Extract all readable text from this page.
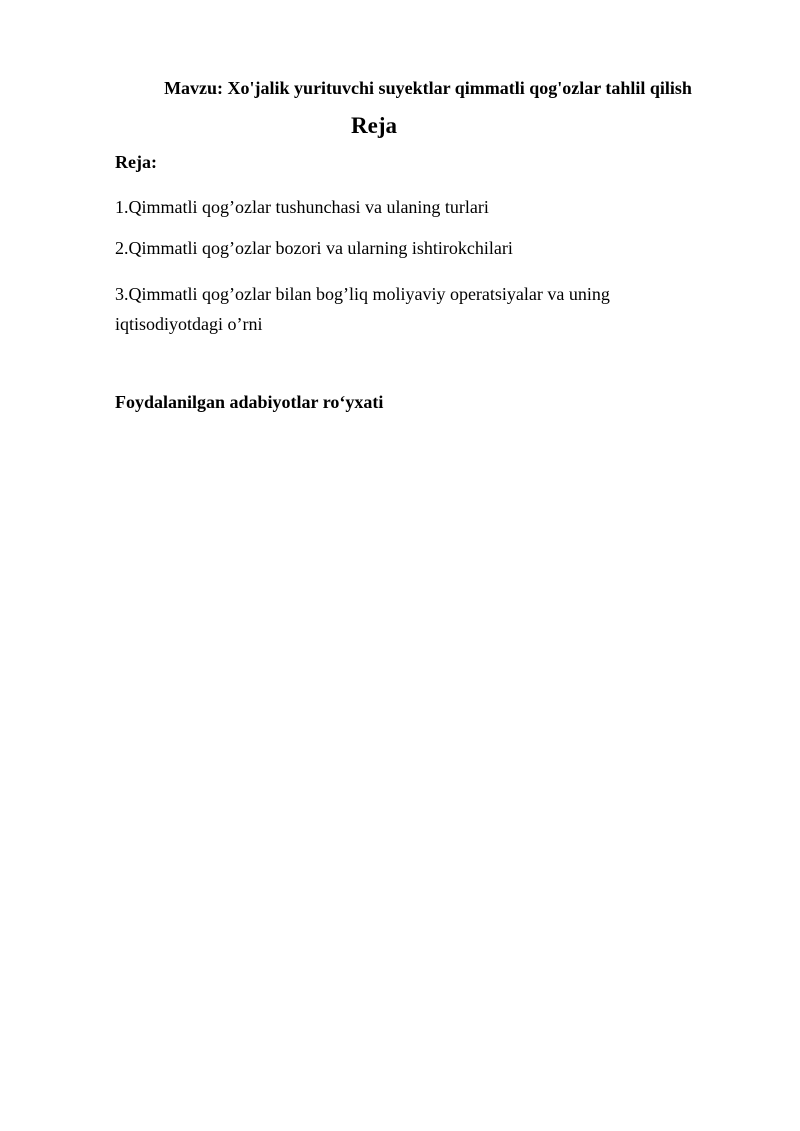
Mavzu: Xo'jalik yurituvchi suyektlar qimmatli qog'ozlar tahlil qilish
Reja
Reja:
1.Qimmatli qog’ozlar tushunchasi va ulaning turlari
2.Qimmatli qog’ozlar bozori va ularning ishtirokchilari
3.Qimmatli qog’ozlar bilan bog’liq moliyaviy operatsiyalar va uning iqtisodiyotdagi o’rni
Foydalanilgan adabiyotlar ro‘yxati
